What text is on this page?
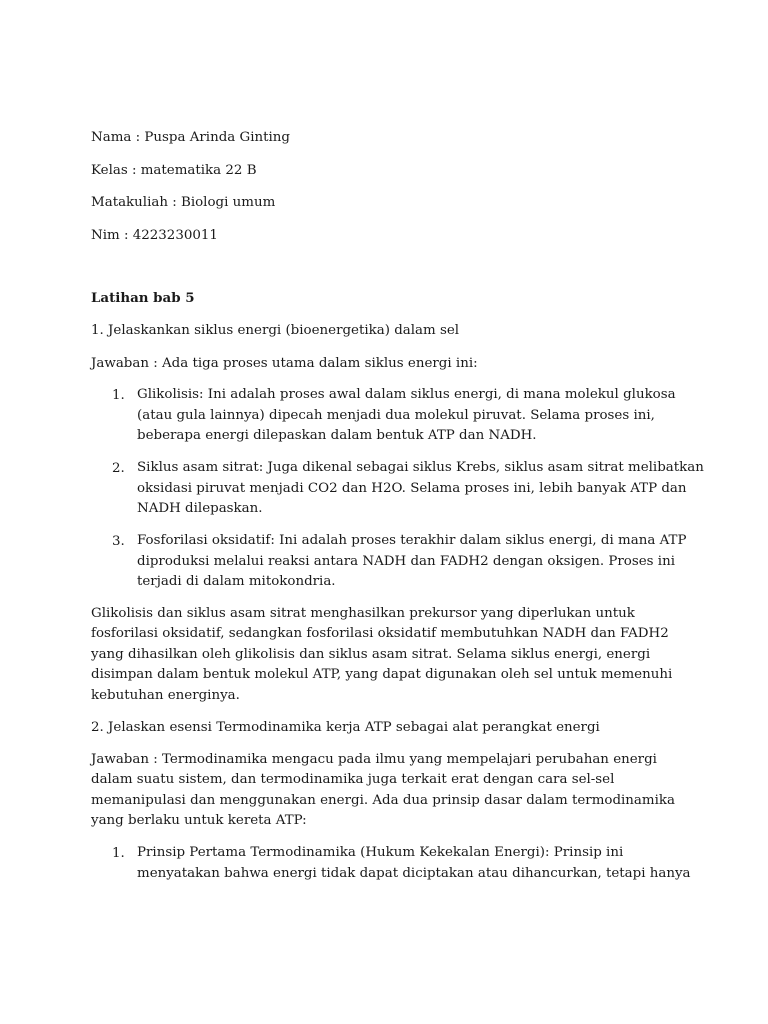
Nama : Puspa Arinda Ginting
Kelas : matematika 22 B
Matakuliah : Biologi umum
Nim : 4223230011
Latihan bab 5
1. Jelaskankan siklus energi (bioenergetika) dalam sel
Jawaban : Ada tiga proses utama dalam siklus energi ini:
1. Glikolisis: Ini adalah proses awal dalam siklus energi, di mana molekul glukosa
(atau gula lainnya) dipecah menjadi dua molekul piruvat. Selama proses ini,
beberapa energi dilepaskan dalam bentuk ATP dan NADH.
2. Siklus asam sitrat: Juga dikenal sebagai siklus Krebs, siklus asam sitrat melibatkan
oksidasi piruvat menjadi CO2 dan H2O. Selama proses ini, lebih banyak ATP dan
NADH dilepaskan.
3. Fosforilasi oksidatif: Ini adalah proses terakhir dalam siklus energi, di mana ATP
diproduksi melalui reaksi antara NADH dan FADH2 dengan oksigen. Proses ini
terjadi di dalam mitokondria.
Glikolisis dan siklus asam sitrat menghasilkan prekursor yang diperlukan untuk
fosforilasi oksidatif, sedangkan fosforilasi oksidatif membutuhkan NADH dan FADH2
yang dihasilkan oleh glikolisis dan siklus asam sitrat. Selama siklus energi, energi
disimpan dalam bentuk molekul ATP, yang dapat digunakan oleh sel untuk memenuhi
kebutuhan energinya.
2. Jelaskan esensi Termodinamika kerja ATP sebagai alat perangkat energi
Jawaban : Termodinamika mengacu pada ilmu yang mempelajari perubahan energi
dalam suatu sistem, dan termodinamika juga terkait erat dengan cara sel-sel
memanipulasi dan menggunakan energi. Ada dua prinsip dasar dalam termodinamika
yang berlaku untuk kereta ATP:
1. Prinsip Pertama Termodinamika (Hukum Kekekalan Energi): Prinsip ini
menyatakan bahwa energi tidak dapat diciptakan atau dihancurkan, tetapi hanya
